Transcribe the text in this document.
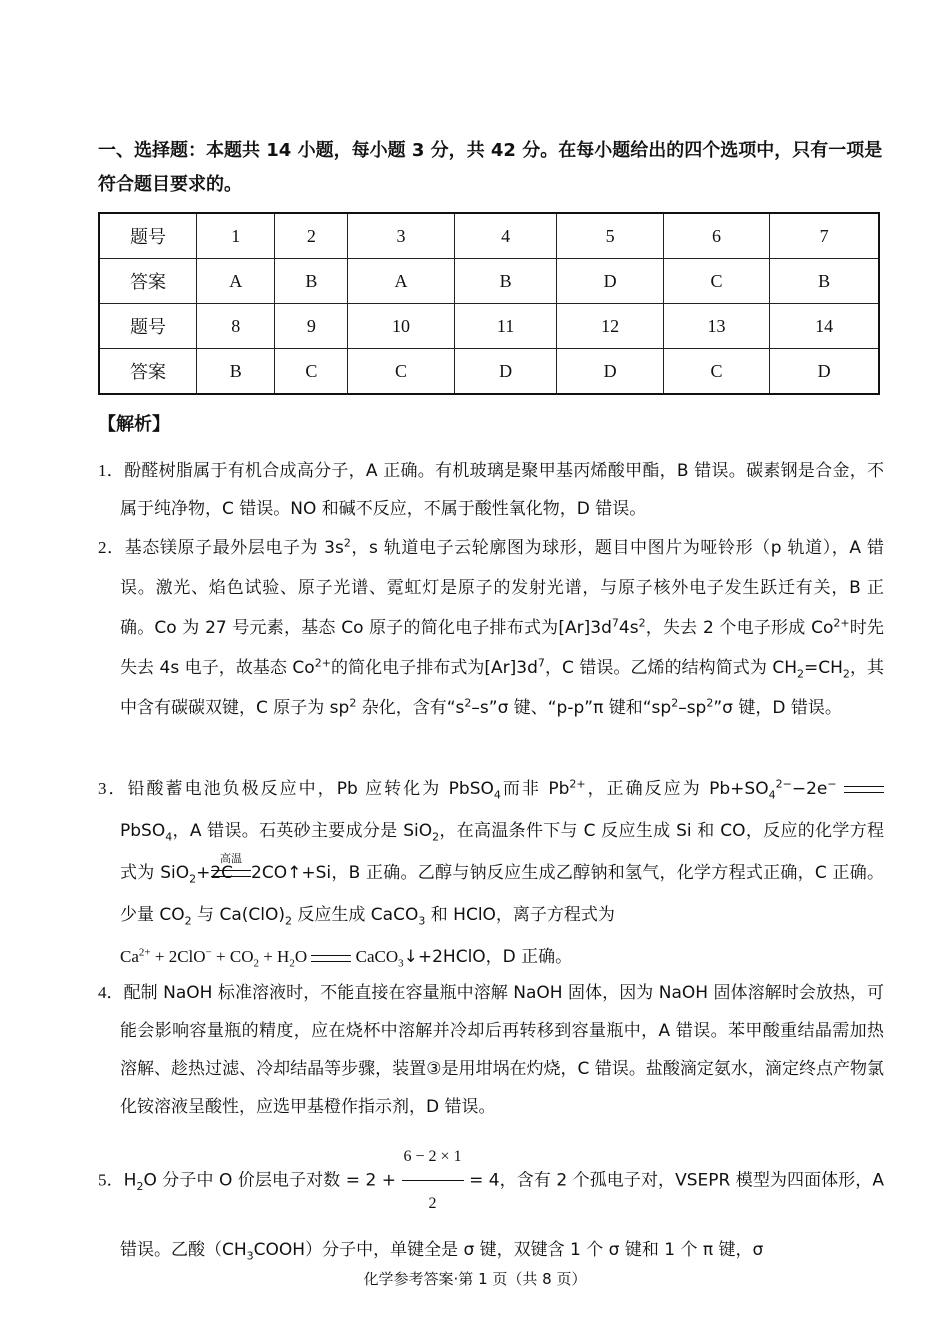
一、选择题：本题共 14 小题，每小题 3 分，共 42 分。在每小题给出的四个选项中，只有一项是符合题目要求的。
题号	1	2	3	4	5	6	7
答案	A	B	A	B	D	C	B
题号	8	9	10	11	12	13	14
答案	B	C	C	D	D	C	D
【解析】
1．酚醛树脂属于有机合成高分子，A 正确。有机玻璃是聚甲基丙烯酸甲酯，B 错误。碳素钢是合金，不属于纯净物，C 错误。NO 和碱不反应，不属于酸性氧化物，D 错误。
2．基态镁原子最外层电子为 $3s^2$，s 轨道电子云轮廓图为球形，题目中图片为哑铃形（p 轨道），A 错误。激光、焰色试验、原子光谱、霓虹灯是原子的发射光谱，与原子核外电子发生跃迁有关，B 正确。Co 为 27 号元素，基态 Co 原子的简化电子排布式为$[Ar]3d^74s^2$，失去 2 个电子形成 $Co^{2+}$时先失去 4s 电子，故基态 $Co^{2+}$的简化电子排布式为$[Ar]3d^7$，C 错误。乙烯的结构简式为 $CH_2=CH_2$，其中含有碳碳双键，C 原子为 $sp^2$ 杂化，含有“$s^2-s”\sigma$ 键、“p-p”π 键和“$sp^2-sp^2”\sigma$ 键，D 错误。
3．铅酸蓄电池负极反应中，Pb 应转化为 PbSO$_4$而非 $Pb^{2+}$，正确反应为 $Pb+SO_4^{2-}-2e^-$  PbSO$_4$，A 错误。石英砂主要成分是 SiO$_2$，在高温条件下与 C 反应生成 Si 和 CO，反应的化学方程式为 SiO$_2$+2C
高温
2CO↑+Si，B 正确。乙醇与钠反应生成乙醇钠和氢气，化学方程式正确，C 正确。少量 $CO_2$ 与 $Ca(ClO)_2$ 反应生成 CaCO$_3$ 和 HClO，离子方程式为
$Ca^{2+} + 2ClO^- + CO_2 + H_2O$	CaCO$_3$↓+2HClO，D 正确。
4．配制 NaOH 标准溶液时，不能直接在容量瓶中溶解 NaOH 固体，因为 NaOH 固体溶解时会放热，可能会影响容量瓶的精度，应在烧杯中溶解并冷却后再转移到容量瓶中，A 错误。苯甲酸重结晶需加热溶解、趁热过滤、冷却结晶等步骤，装置③是用坩埚在灼烧，C 错误。盐酸滴定氨水，滴定终点产物氯化铵溶液呈酸性，应选甲基橙作指示剂，D 错误。
5．$H_2O$ 分子中 O 价层电子对数 = $2 + \frac{6 - 2 \times 1}{2} = 4$，含有 2 个孤电子对，VSEPR 模型为四面体形，A 错误。乙酸$(CH_3COOH)$分子中，单键全是 σ 键，双键含 1 个 σ 键和 1 个 π 键，σ
化学参考答案·第 1 页（共 8 页）
